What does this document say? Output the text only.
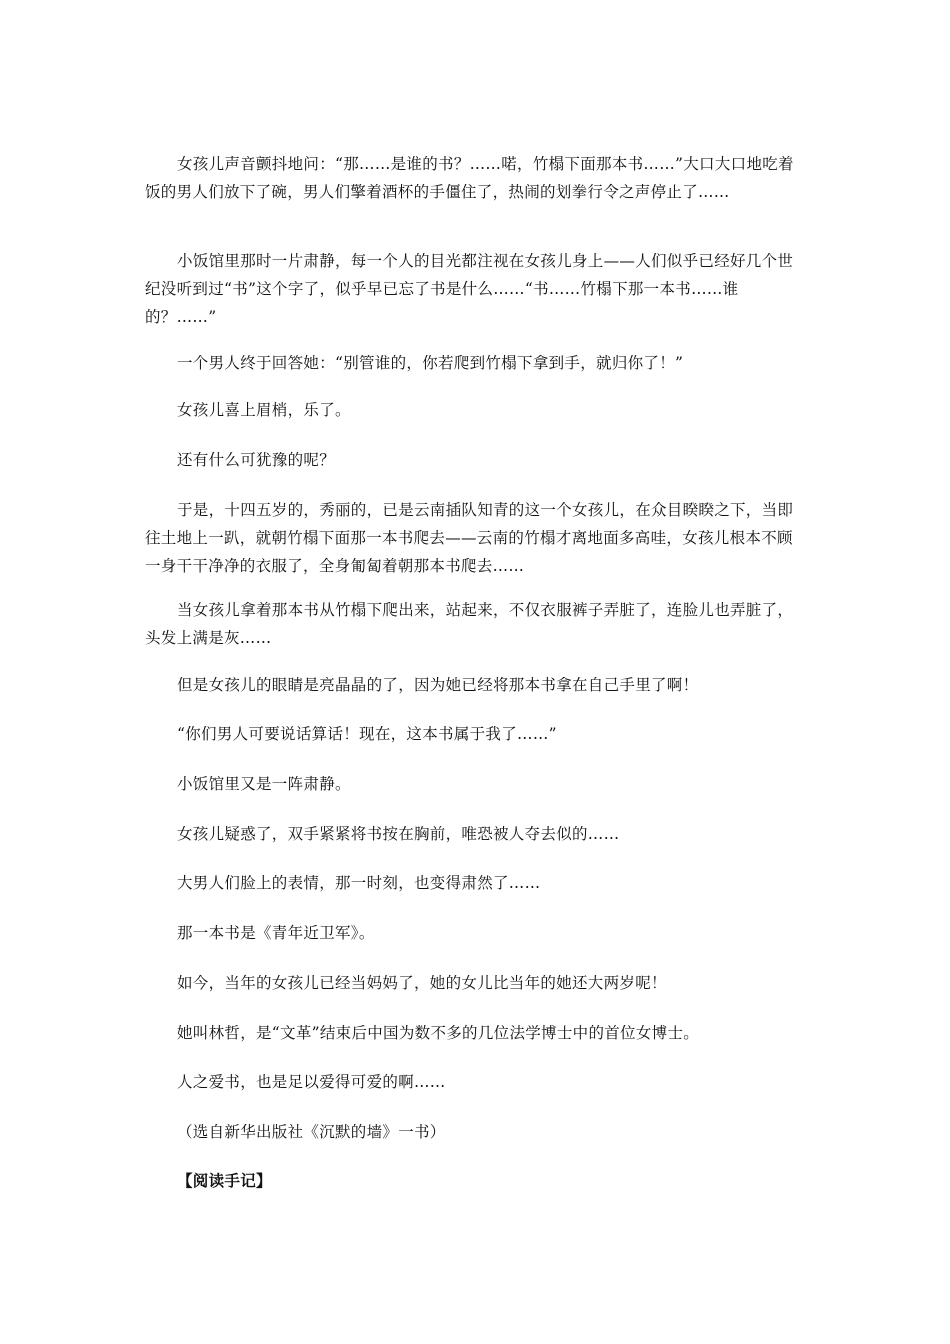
女孩儿声音颤抖地问：“那……是谁的书？……喏，竹榻下面那本书……”大口大口地吃着饭的男人们放下了碗，男人们擎着酒杯的手僵住了，热闹的划拳行令之声停止了……

小饭馆里那时一片肃静，每一个人的目光都注视在女孩儿身上——人们似乎已经好几个世纪没听到过“书”这个字了，似乎早已忘了书是什么……“书……竹榻下那一本书……谁的？……”

一个男人终于回答她：“别管谁的，你若爬到竹榻下拿到手，就归你了！”

女孩儿喜上眉梢，乐了。

还有什么可犹豫的呢？

于是，十四五岁的，秀丽的，已是云南插队知青的这一个女孩儿，在众目睽睽之下，当即往土地上一趴，就朝竹榻下面那一本书爬去——云南的竹榻才离地面多高哇，女孩儿根本不顾一身干干净净的衣服了，全身匍匐着朝那本书爬去……

当女孩儿拿着那本书从竹榻下爬出来，站起来，不仅衣服裤子弄脏了，连脸儿也弄脏了，头发上满是灰……

但是女孩儿的眼睛是亮晶晶的了，因为她已经将那本书拿在自己手里了啊！

“你们男人可要说话算话！现在，这本书属于我了……”

小饭馆里又是一阵肃静。

女孩儿疑惑了，双手紧紧将书按在胸前，唯恐被人夺去似的……

大男人们脸上的表情，那一时刻，也变得肃然了……

那一本书是《青年近卫军》。

如今，当年的女孩儿已经当妈妈了，她的女儿比当年的她还大两岁呢！

她叫林哲，是“文革”结束后中国为数不多的几位法学博士中的首位女博士。

人之爱书，也是足以爱得可爱的啊……

（选自新华出版社《沉默的墙》一书）

【阅读手记】
